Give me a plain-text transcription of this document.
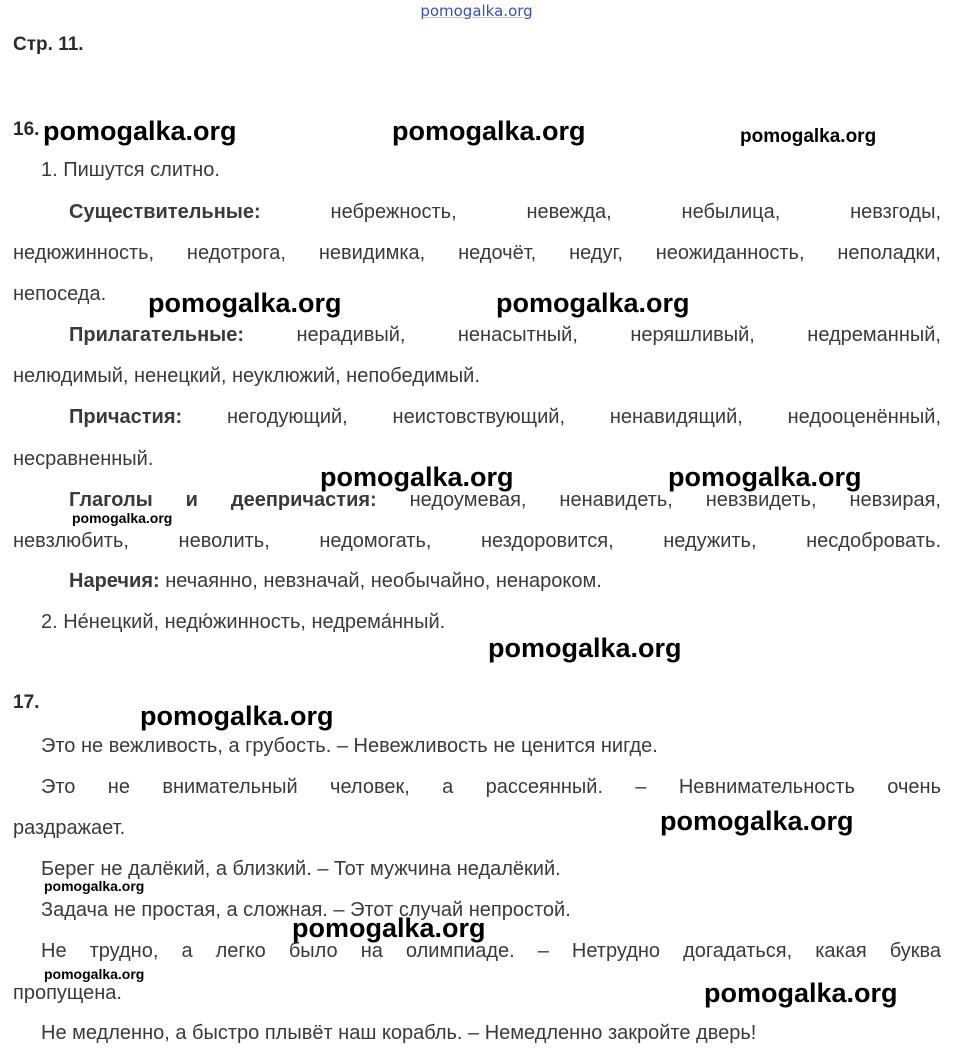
pomogalka.org
Стр. 11.
16.
1. Пишутся слитно.
Существительные:	небрежность, невежда, небылица, невзгоды,
недюжинность, недотрога, невидимка, недочёт, недуг, неожиданность, неполадки,
непоседа.
Прилагательные:	нерадивый, ненасытный, неряшливый, недреманный,
нелюдимый, ненецкий, неуклюжий, непобедимый.
Причастия: негодующий, неистовствующий, ненавидящий, недооценённый,
несравненный.
Глаголы и деепричастия: недоумевая, ненавидеть, невзвидеть, невзирая,
невзлюбить, неволить, недомогать, нездоровится, недужить, несдобровать.
Наречия: нечаянно, невзначай, необычайно, ненароком.
2. Не́нецкий, недю́жинность, недрема́нный.
17.
Это не вежливость, а грубость. – Невежливость не ценится нигде.
Это не внимательный человек, а рассеянный. – Невнимательность очень
раздражает.
Берег не далёкий, а близкий. – Тот мужчина недалёкий.
Задача не простая, а сложная. – Этот случай непростой.
Не трудно, а легко было на олимпиаде. – Нетрудно догадаться, какая буква
пропущена.
Не медленно, а быстро плывёт наш корабль. – Немедленно закройте дверь!
pomogalka.org	pomogalka.org	pomogalka.org
pomogalka.org	pomogalka.org
pomogalka.org	pomogalka.org
pomogalka.org
pomogalka.org
pomogalka.org
pomogalka.org
pomogalka.org
pomogalka.org
pomogalka.org
pomogalka.org
